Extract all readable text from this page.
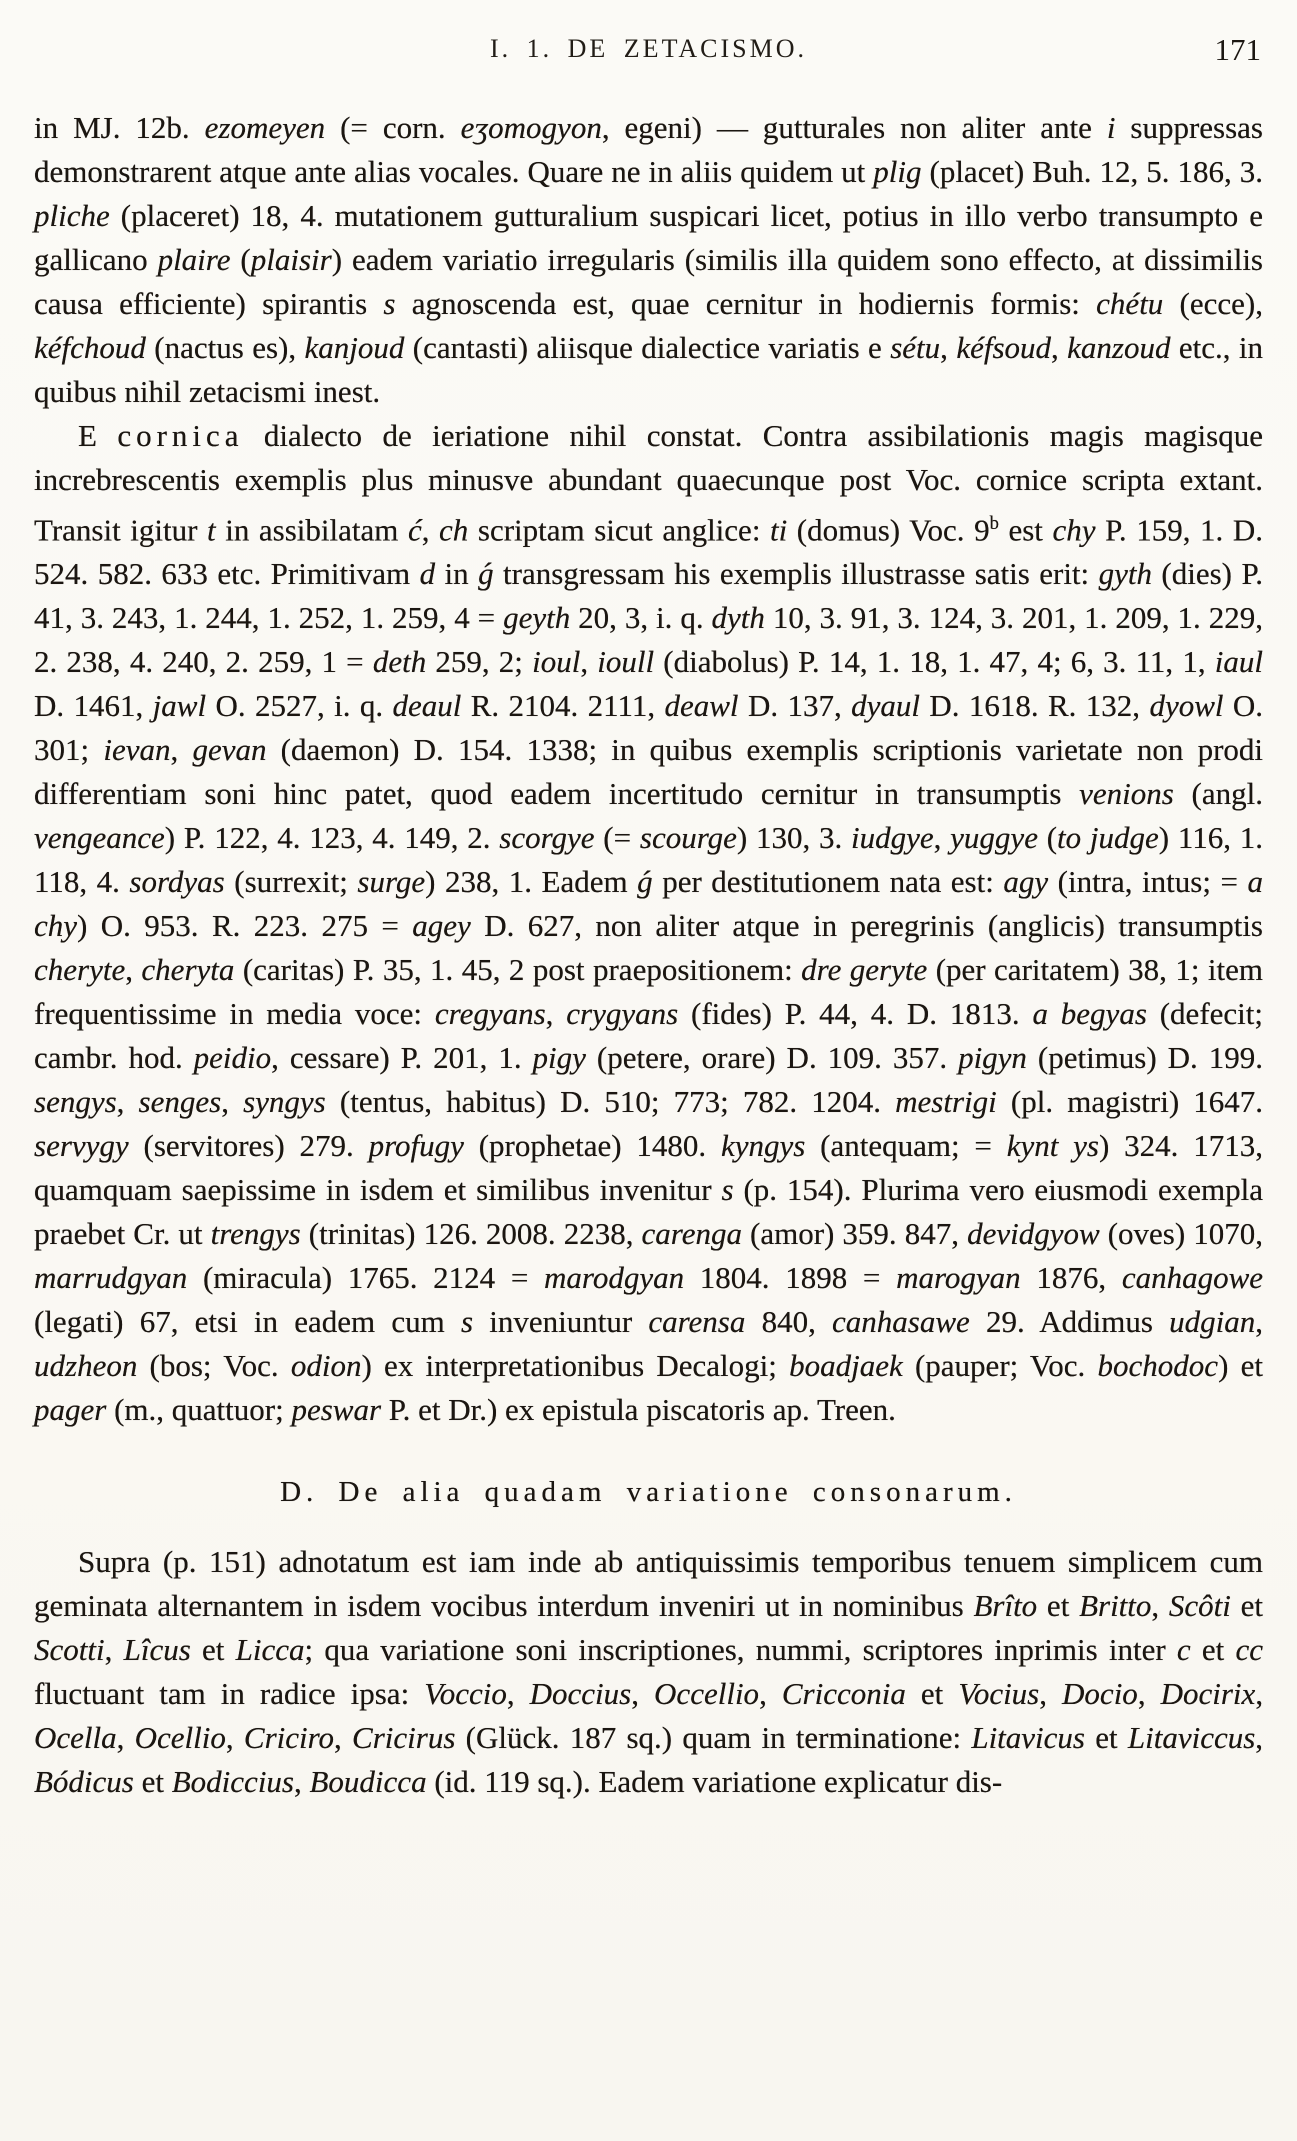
I. 1. DE ZETACISMO.	171

in MJ. 12b. ezomeyen (= corn. eʒomogyon, egeni) — gutturales non aliter ante i suppressas demonstrarent atque ante alias vocales. Quare ne in aliis quidem ut plig (placet) Buh. 12, 5. 186, 3. pliche (placeret) 18, 4. mutationem gutturalium suspicari licet, potius in illo verbo transumpto e gallicano plaire (plaisir) eadem variatio irregularis (similis illa quidem sono effecto, at dissimilis causa efficiente) spirantis s agnoscenda est, quae cernitur in hodiernis formis: chétu (ecce), kéfchoud (nactus es), kanjoud (cantasti) aliisque dialectice variatis e sétu, kéfsoud, kanzoud etc., in quibus nihil zetacismi inest.

E cornica dialecto de ieriatione nihil constat. Contra assibilationis magis magisque increbrescentis exemplis plus minusve abundant quaecunque post Voc. cornice scripta extant. Transit igitur t in assibilatam ć, ch scriptam sicut anglice: ti (domus) Voc. 9$^b$ est chy P. 159, 1. D. 524. 582. 633 etc. Primitivam d in ǵ transgressam his exemplis illustrasse satis erit: gyth (dies) P. 41, 3. 243, 1. 244, 1. 252, 1. 259, 4 = geyth 20, 3, i. q. dyth 10, 3. 91, 3. 124, 3. 201, 1. 209, 1. 229, 2. 238, 4. 240, 2. 259, 1 = deth 259, 2; ioul, ioull (diabolus) P. 14, 1. 18, 1. 47, 4; 6, 3. 11, 1, iaul D. 1461, jawl O. 2527, i. q. deaul R. 2104. 2111, deawl D. 137, dyaul D. 1618. R. 132, dyowl O. 301; ievan, gevan (daemon) D. 154. 1338; in quibus exemplis scriptionis varietate non prodi differentiam soni hinc patet, quod eadem incertitudo cernitur in transumptis venions (angl. vengeance) P. 122, 4. 123, 4. 149, 2. scorgye (= scourge) 130, 3. iudgye, yuggye (to judge) 116, 1. 118, 4. sordyas (surrexit; surge) 238, 1. Eadem ǵ per destitutionem nata est: agy (intra, intus; = a chy) O. 953. R. 223. 275 = agey D. 627, non aliter atque in peregrinis (anglicis) transumptis cheryte, cheryta (caritas) P. 35, 1. 45, 2 post praepositionem: dre geryte (per caritatem) 38, 1; item frequentissime in media voce: cregyans, crygyans (fides) P. 44, 4. D. 1813. a begyas (defecit; cambr. hod. peidio, cessare) P. 201, 1. pigy (petere, orare) D. 109. 357. pigyn (petimus) D. 199. sengys, senges, syngys (tentus, habitus) D. 510; 773; 782. 1204. mestrigi (pl. magistri) 1647. servygy (servitores) 279. profugy (prophetae) 1480. kyngys (antequam; = kynt ys) 324. 1713, quamquam saepissime in isdem et similibus invenitur s (p. 154). Plurima vero eiusmodi exempla praebet Cr. ut trengys (trinitas) 126. 2008. 2238, carenga (amor) 359. 847, devidgyow (oves) 1070, marrudgyan (miracula) 1765. 2124 = marodgyan 1804. 1898 = marogyan 1876, canhagowe (legati) 67, etsi in eadem cum s inveniuntur carensa 840, canhasawe 29. Addimus udgian, udzheon (bos; Voc. odion) ex interpretationibus Decalogi; boadjaek (pauper; Voc. bochodoc) et pager (m., quattuor; peswar P. et Dr.) ex epistula piscatoris ap. Treen.

D. De alia quadam variatione consonarum.

Supra (p. 151) adnotatum est iam inde ab antiquissimis temporibus tenuem simplicem cum geminata alternantem in isdem vocibus interdum inveniri ut in nominibus Brîto et Britto, Scôti et Scotti, Lîcus et Licca; qua variatione soni inscriptiones, nummi, scriptores inprimis inter c et cc fluctuant tam in radice ipsa: Voccio, Doccius, Occellio, Cricconia et Vocius, Docio, Docirix, Ocella, Ocellio, Criciro, Cricirus (Glück. 187 sq.) quam in terminatione: Litavicus et Litaviccus, Bódicus et Bodiccius, Boudicca (id. 119 sq.). Eadem variatione explicatur dis-
